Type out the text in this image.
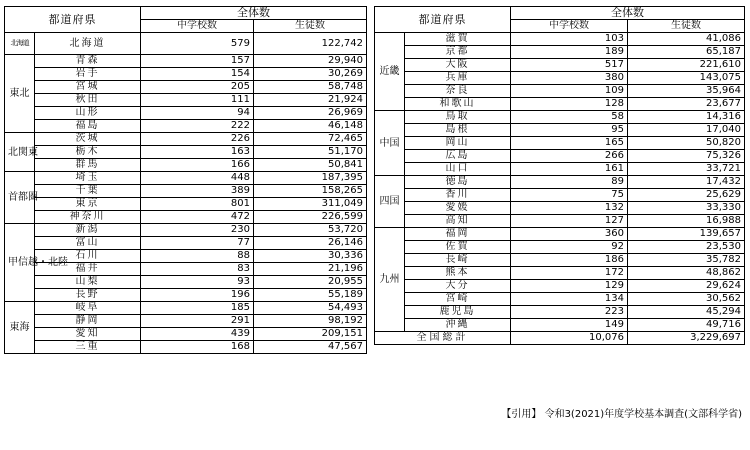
都道府県		全体数	
		中学校数	生徒数
北海道	北海道	579	122,742
東北	青森	157	29,940
	岩手	154	30,269
	宮城	205	58,748
	秋田	111	21,924
	山形	94	26,969
	福島	222	46,148
北関東	茨城	226	72,465
	栃木	163	51,170
	群馬	166	50,841
首都圏	埼玉	448	187,395
	千葉	389	158,265
	東京	801	311,049
	神奈川	472	226,599
甲信越・北陸	新潟	230	53,720
	富山	77	26,146
	石川	88	30,336
	福井	83	21,196
	山梨	93	20,955
	長野	196	55,189
東海	岐阜	185	54,493
	静岡	291	98,192
	愛知	439	209,151
	三重	168	47,567
都道府県		全体数	
		中学校数	生徒数
近畿	滋賀	103	41,086
	京都	189	65,187
	大阪	517	221,610
	兵庫	380	143,075
	奈良	109	35,964
	和歌山	128	23,677
中国	鳥取	58	14,316
	島根	95	17,040
	岡山	165	50,820
	広島	266	75,326
	山口	161	33,721
四国	徳島	89	17,432
	香川	75	25,629
	愛媛	132	33,330
	高知	127	16,988
九州	福岡	360	139,657
	佐賀	92	23,530
	長崎	186	35,782
	熊本	172	48,862
	大分	129	29,624
	宮崎	134	30,562
	鹿児島	223	45,294
	沖縄	149	49,716
全国総計		10,076	3,229,697
【引用】 令和3(2021)年度学校基本調査(文部科学省)
